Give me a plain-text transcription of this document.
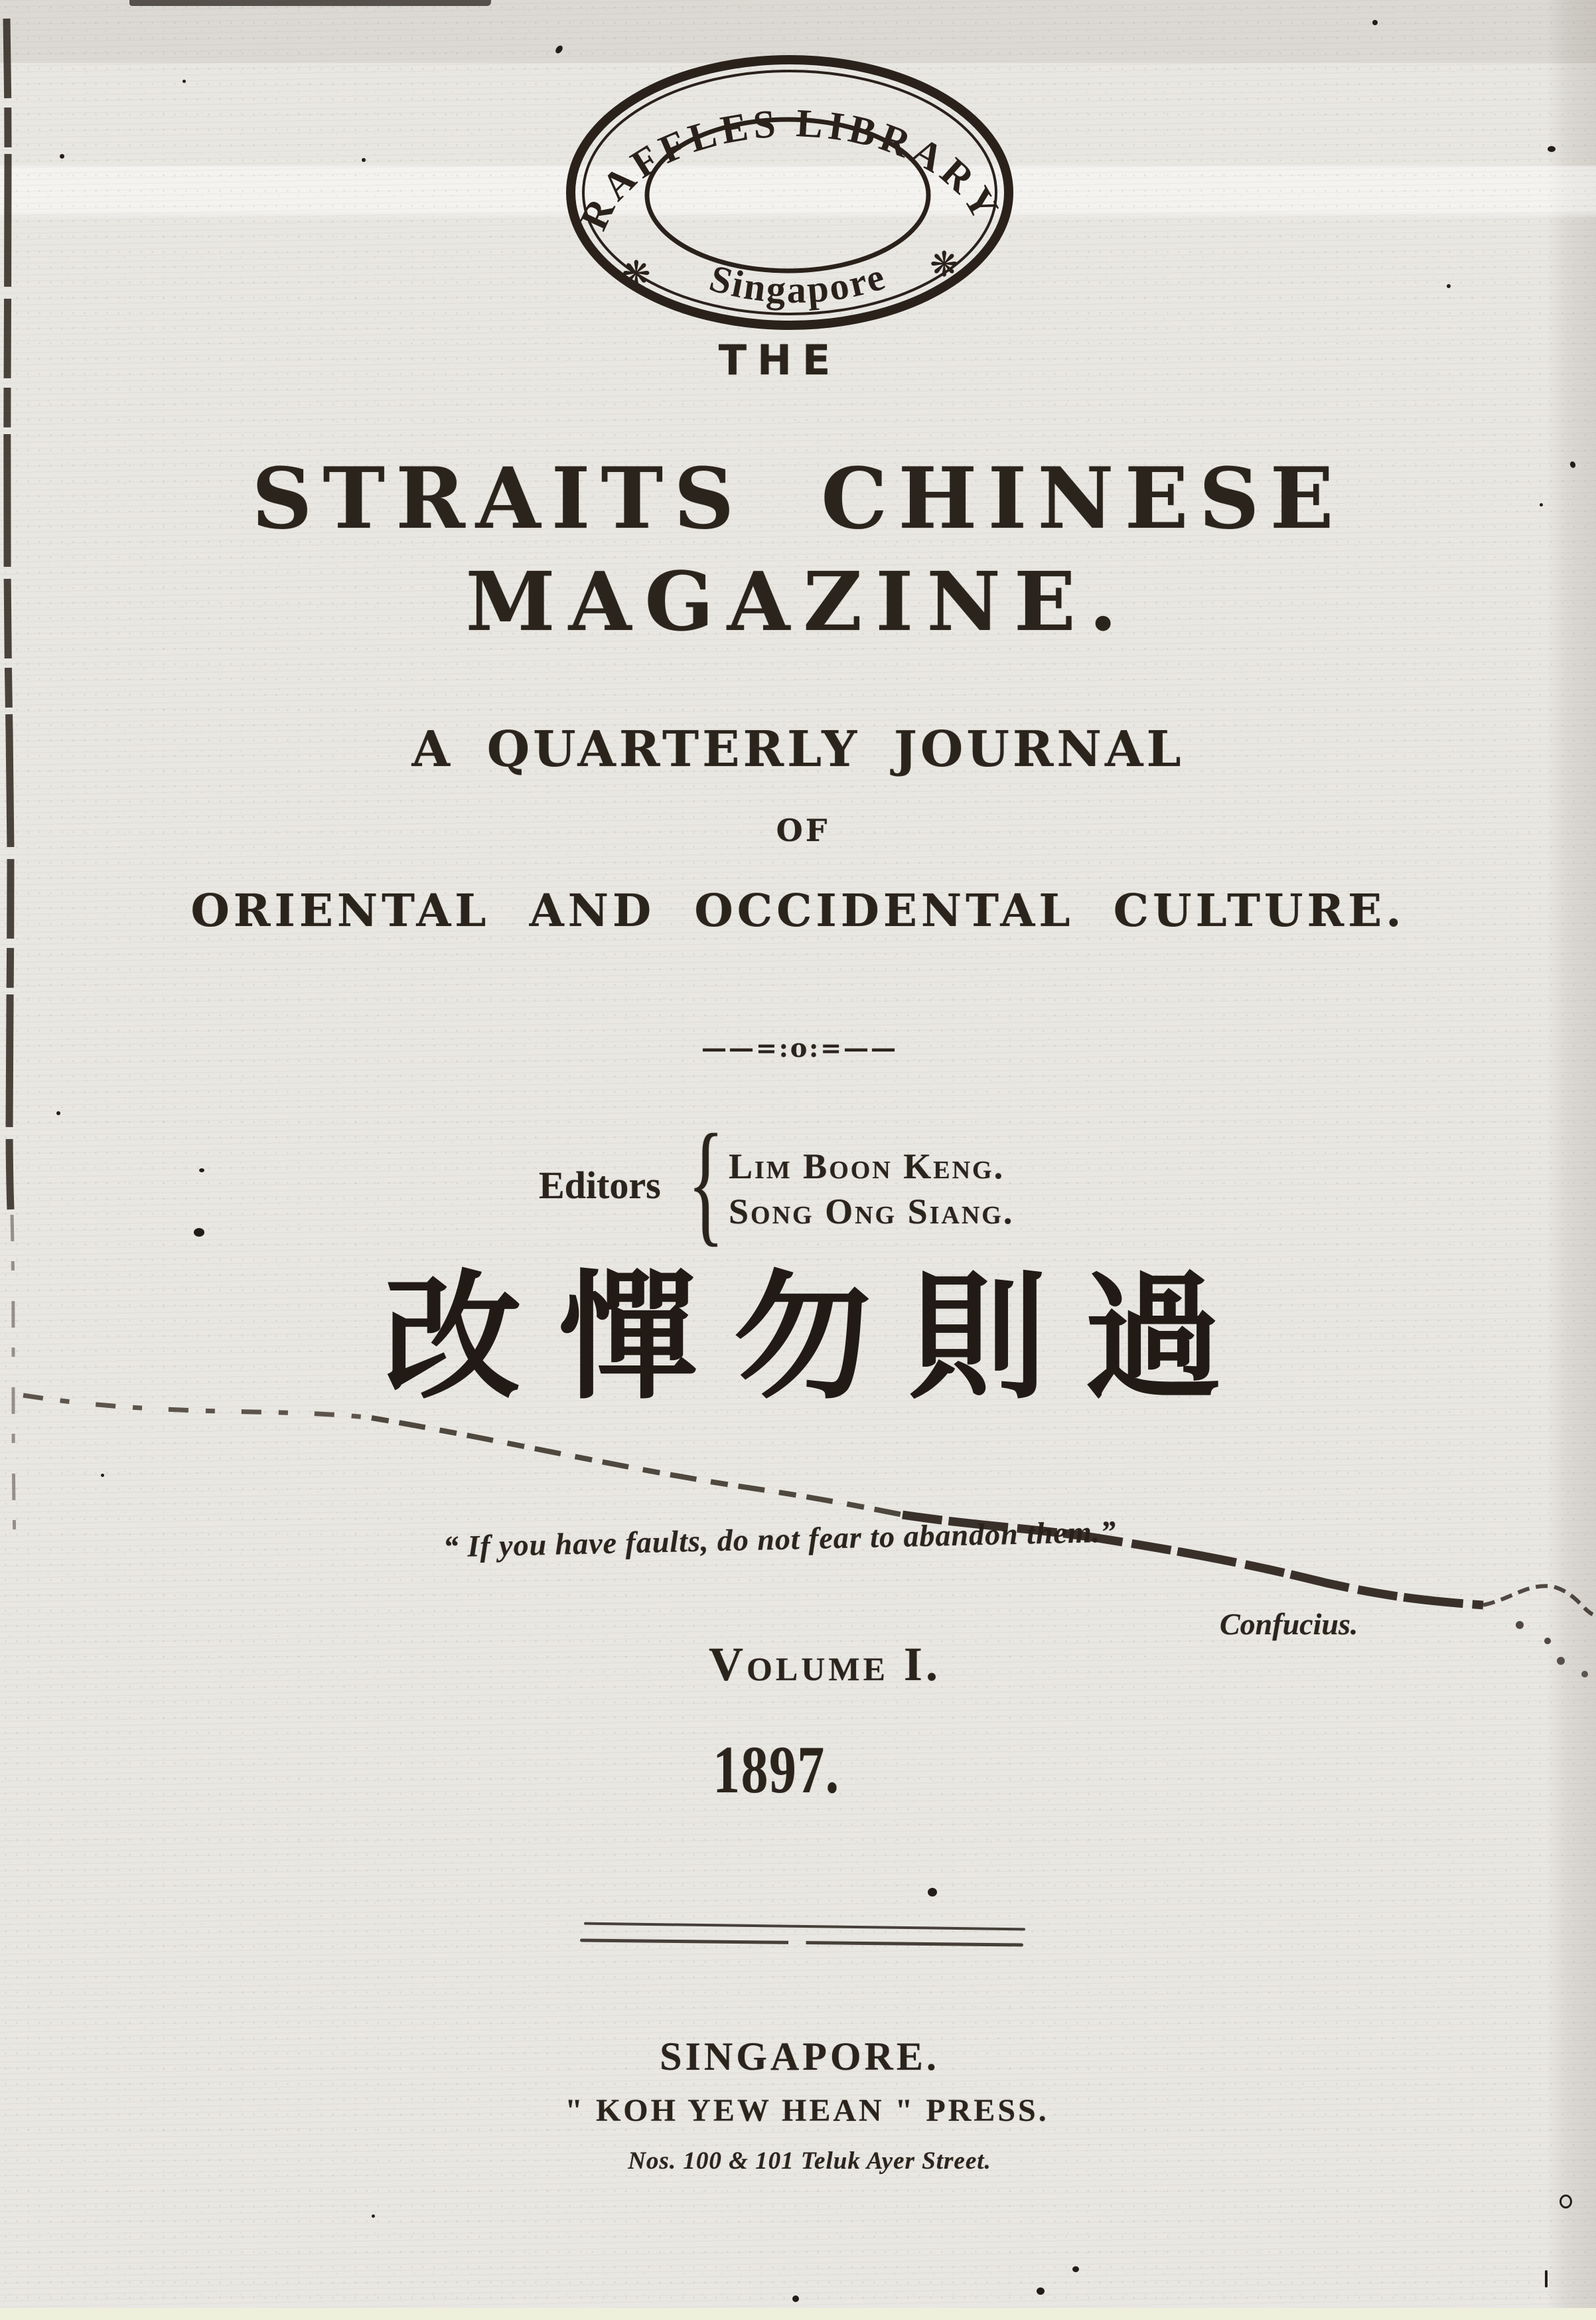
RAFFLES LIBRARY
Singapore
❋	❋
THE
STRAITS CHINESE
MAGAZINE.
A QUARTERLY JOURNAL
OF
ORIENTAL AND OCCIDENTAL CULTURE.
——=:o:=——
Editors { Lim Boon Keng.
Song Ong Siang.
改憚勿則過
“ If you have faults, do not fear to abandon them.”
Confucius.
Volume I.
1897.
SINGAPORE.
" KOH YEW HEAN " PRESS.
Nos. 100 & 101 Teluk Ayer Street.
